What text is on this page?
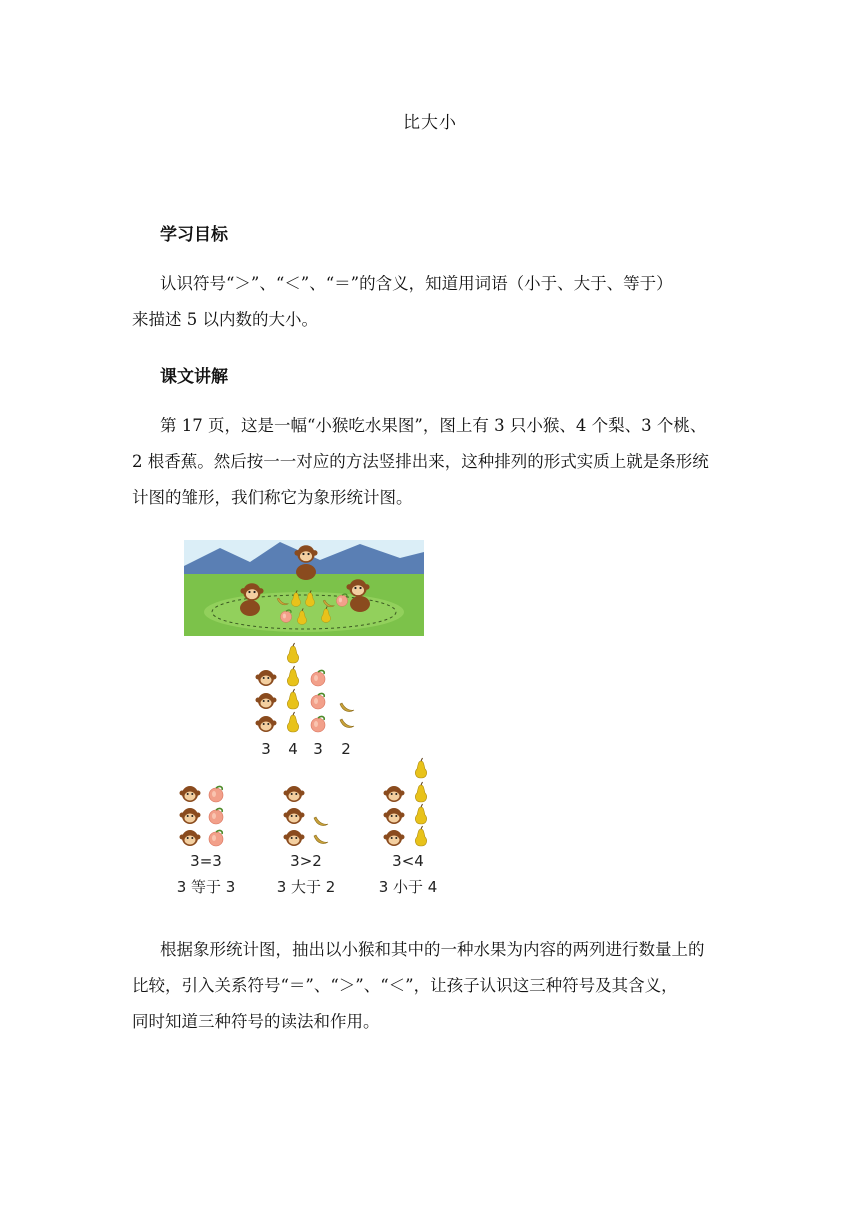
比大小
学习目标

认识符号“＞”、“＜”、“＝”的含义，知道用词语（小于、大于、等于）
来描述 5 以内数的大小。

课文讲解

第 17 页，这是一幅“小猴吃水果图”，图上有 3 只小猴、4 个梨、3 个桃、
2 根香蕉。然后按一一对应的方法竖排出来，这种排列的形式实质上就是条形统
计图的雏形，我们称它为象形统计图。

3 4 3 2
3=3	3>2	3<4
3 等于 3	3 大于 2	3 小于 4

根据象形统计图，抽出以小猴和其中的一种水果为内容的两列进行数量上的
比较，引入关系符号“＝”、“＞”、“＜”，让孩子认识这三种符号及其含义，
同时知道三种符号的读法和作用。
